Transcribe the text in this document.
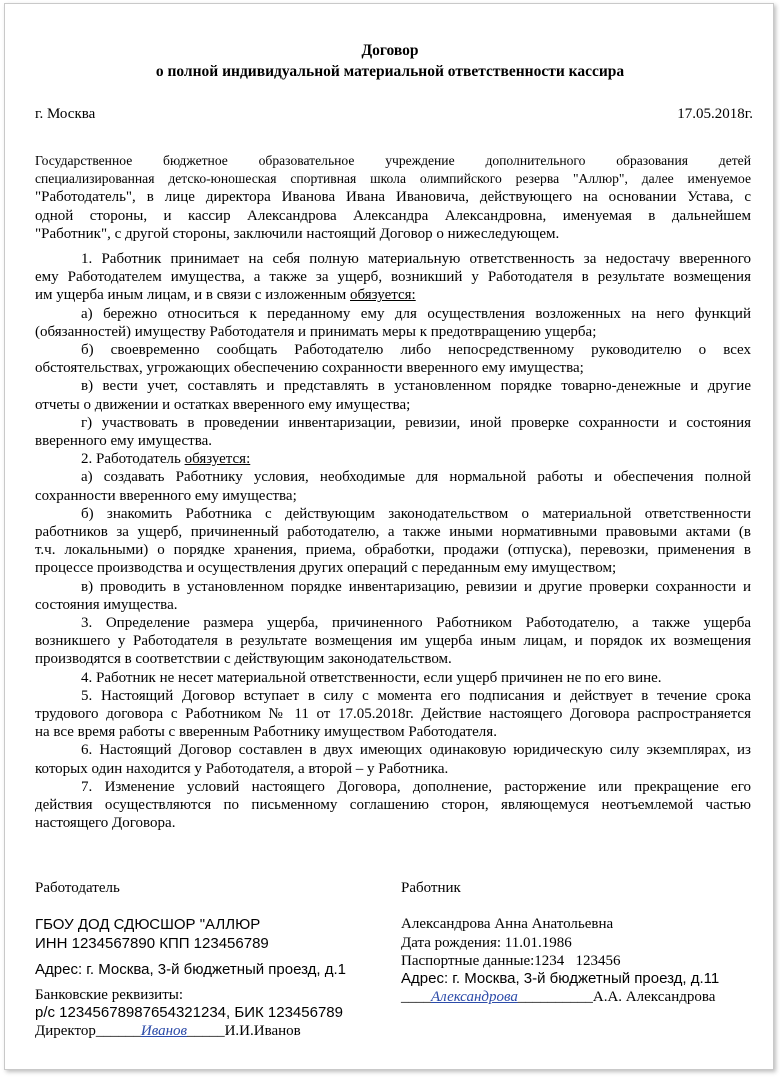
Договор
о полной индивидуальной материальной ответственности кассира
г. Москва	17.05.2018г.
Государственное бюджетное образовательное учреждение дополнительного образования детей
специализированная детско-юношеская спортивная школа олимпийского резерва "Аллюр", далее именуемое
"Работодатель", в лице директора Иванова Ивана Ивановича, действующего на основании Устава, с
одной стороны, и кассир Александрова Александра Александровна, именуемая в дальнейшем
"Работник", с другой стороны, заключили настоящий Договор о нижеследующем.
1. Работник принимает на себя полную материальную ответственность за недостачу вверенного
ему Работодателем имущества, а также за ущерб, возникший у Работодателя в результате возмещения
им ущерба иным лицам, и в связи с изложенным обязуется:
а) бережно относиться к переданному ему для осуществления возложенных на него функций
(обязанностей) имуществу Работодателя и принимать меры к предотвращению ущерба;
б) своевременно сообщать Работодателю либо непосредственному руководителю о всех
обстоятельствах, угрожающих обеспечению сохранности вверенного ему имущества;
в) вести учет, составлять и представлять в установленном порядке товарно-денежные и другие
отчеты о движении и остатках вверенного ему имущества;
г) участвовать в проведении инвентаризации, ревизии, иной проверке сохранности и состояния
вверенного ему имущества.
2. Работодатель обязуется:
а) создавать Работнику условия, необходимые для нормальной работы и обеспечения полной
сохранности вверенного ему имущества;
б) знакомить Работника с действующим законодательством о материальной ответственности
работников за ущерб, причиненный работодателю, а также иными нормативными правовыми актами (в
т.ч. локальными) о порядке хранения, приема, обработки, продажи (отпуска), перевозки, применения в
процессе производства и осуществления других операций с переданным ему имуществом;
в) проводить в установленном порядке инвентаризацию, ревизии и другие проверки сохранности и
состояния имущества.
3. Определение размера ущерба, причиненного Работником Работодателю, а также ущерба
возникшего у Работодателя в результате возмещения им ущерба иным лицам, и порядок их возмещения
производятся в соответствии с действующим законодательством.
4. Работник не несет материальной ответственности, если ущерб причинен не по его вине.
5. Настоящий Договор вступает в силу с момента его подписания и действует в течение срока
трудового договора с Работником № 11 от 17.05.2018г. Действие настоящего Договора распространяется
на все время работы с вверенным Работнику имуществом Работодателя.
6. Настоящий Договор составлен в двух имеющих одинаковую юридическую силу экземплярах, из
которых один находится у Работодателя, а второй – у Работника.
7. Изменение условий настоящего Договора, дополнение, расторжение или прекращение его
действия осуществляются по письменному соглашению сторон, являющемуся неотъемлемой частью
настоящего Договора.
Работодатель
ГБОУ ДОД СДЮСШОР "АЛЛЮР
ИНН 1234567890 КПП 123456789
Адрес: г. Москва, 3-й бюджетный проезд, д.1
Банковские реквизиты:
р/с 12345678987654321234, БИК 123456789
Директор______Иванов_____И.И.Иванов
Работник
Александрова Анна Анатольевна
Дата рождения: 11.01.1986
Паспортные данные:1234   123456
Адрес: г. Москва, 3-й бюджетный проезд, д.11
____Александрова__________А.А. Александрова
